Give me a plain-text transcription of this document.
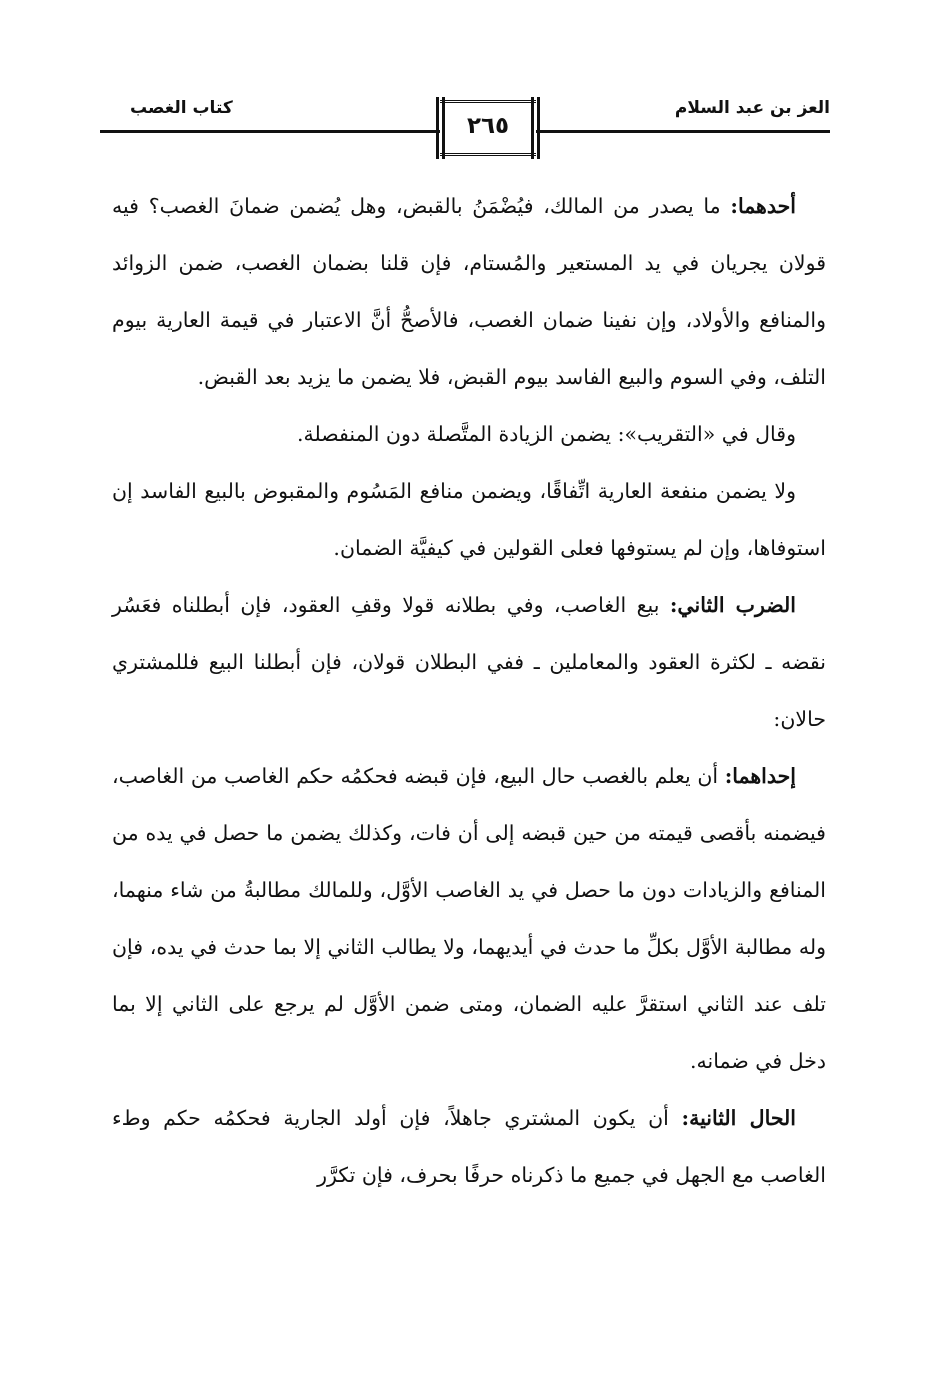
العز بن عبد السلام
كتاب الغصب
٢٦٥

أحدهما: ما يصدر من المالك، فيُضْمَنُ بالقبض، وهل يُضمن ضمانَ الغصب؟ فيه قولان يجريان في يد المستعير والمُستام، فإن قلنا بضمان الغصب، ضمن الزوائد والمنافع والأولاد، وإن نفينا ضمان الغصب، فالأصحُّ أنَّ الاعتبار في قيمة العارية بيوم التلف، وفي السوم والبيع الفاسد بيوم القبض، فلا يضمن ما يزيد بعد القبض.

وقال في «التقريب»: يضمن الزيادة المتَّصلة دون المنفصلة.

ولا يضمن منفعة العارية اتِّفاقًا، ويضمن منافع المَسُوم والمقبوض بالبيع الفاسد إن استوفاها، وإن لم يستوفها فعلى القولين في كيفيَّة الضمان.

الضرب الثاني: بيع الغاصب، وفي بطلانه قولا وقفِ العقود، فإن أبطلناه فعَسُر نقضه ـ لكثرة العقود والمعاملين ـ ففي البطلان قولان، فإن أبطلنا البيع فللمشتري حالان:

إحداهما: أن يعلم بالغصب حال البيع، فإن قبضه فحكمُه حكم الغاصب من الغاصب، فيضمنه بأقصى قيمته من حين قبضه إلى أن فات، وكذلك يضمن ما حصل في يده من المنافع والزيادات دون ما حصل في يد الغاصب الأوَّل، وللمالك مطالبةُ من شاء منهما، وله مطالبة الأوَّل بكلِّ ما حدث في أيديهما، ولا يطالب الثاني إلا بما حدث في يده، فإن تلف عند الثاني استقرَّ عليه الضمان، ومتى ضمن الأوَّل لم يرجع على الثاني إلا بما دخل في ضمانه.

الحال الثانية: أن يكون المشتري جاهلاً، فإن أولد الجارية فحكمُه حكم وطء الغاصب مع الجهل في جميع ما ذكرناه حرفًا بحرف، فإن تكرَّر
